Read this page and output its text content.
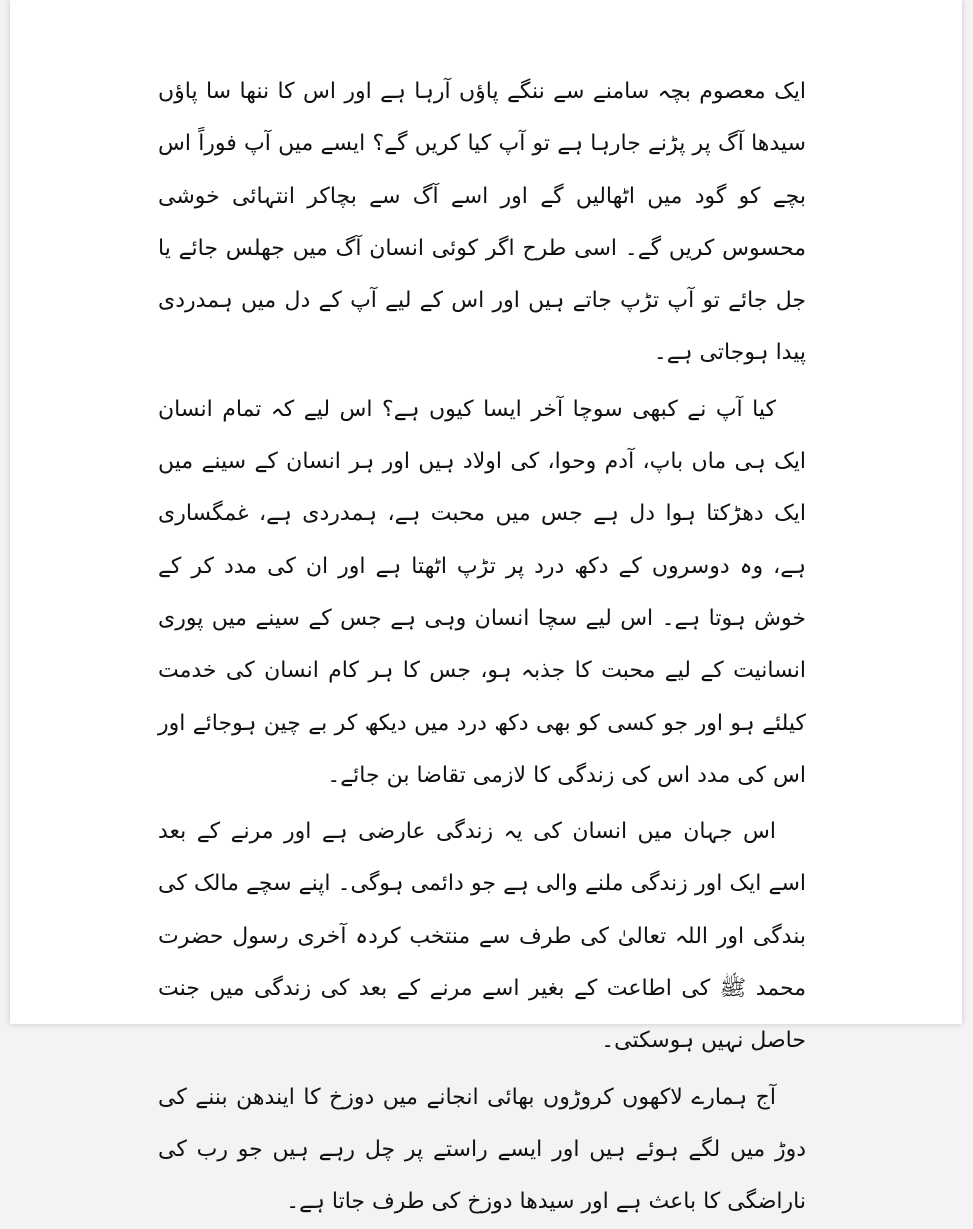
ایک معصوم بچہ سامنے سے ننگے پاؤں آرہا ہے اور اس کا ننھا سا پاؤں سیدھا آگ پر پڑنے جارہا ہے تو آپ کیا کریں گے؟ ایسے میں آپ فوراً اس بچے کو گود میں اٹھالیں گے اور اسے آگ سے بچاکر انتہائی خوشی محسوس کریں گے۔ اسی طرح اگر کوئی انسان آگ میں جھلس جائے یا جل جائے تو آپ تڑپ جاتے ہیں اور اس کے لیے آپ کے دل میں ہمدردی پیدا ہوجاتی ہے۔

کیا آپ نے کبھی سوچا آخر ایسا کیوں ہے؟ اس لیے کہ تمام انسان ایک ہی ماں باپ، آدم وحوا، کی اولاد ہیں اور ہر انسان کے سینے میں ایک دھڑکتا ہوا دل ہے جس میں محبت ہے، ہمدردی ہے، غمگساری ہے، وہ دوسروں کے دکھ درد پر تڑپ اٹھتا ہے اور ان کی مدد کر کے خوش ہوتا ہے۔ اس لیے سچا انسان وہی ہے جس کے سینے میں پوری انسانیت کے لیے محبت کا جذبہ ہو، جس کا ہر کام انسان کی خدمت کیلئے ہو اور جو کسی کو بھی دکھ درد میں دیکھ کر بے چین ہوجائے اور اس کی مدد اس کی زندگی کا لازمی تقاضا بن جائے۔

اس جہان میں انسان کی یہ زندگی عارضی ہے اور مرنے کے بعد اسے ایک اور زندگی ملنے والی ہے جو دائمی ہوگی۔ اپنے سچے مالک کی بندگی اور اللہ تعالیٰ کی طرف سے منتخب کردہ آخری رسول حضرت محمد ﷺ کی اطاعت کے بغیر اسے مرنے کے بعد کی زندگی میں جنت حاصل نہیں ہوسکتی۔

آج ہمارے لاکھوں کروڑوں بھائی انجانے میں دوزخ کا ایندھن بننے کی دوڑ میں لگے ہوئے ہیں اور ایسے راستے پر چل رہے ہیں جو رب کی ناراضگی کا باعث ہے اور سیدھا دوزخ کی طرف جاتا ہے۔
